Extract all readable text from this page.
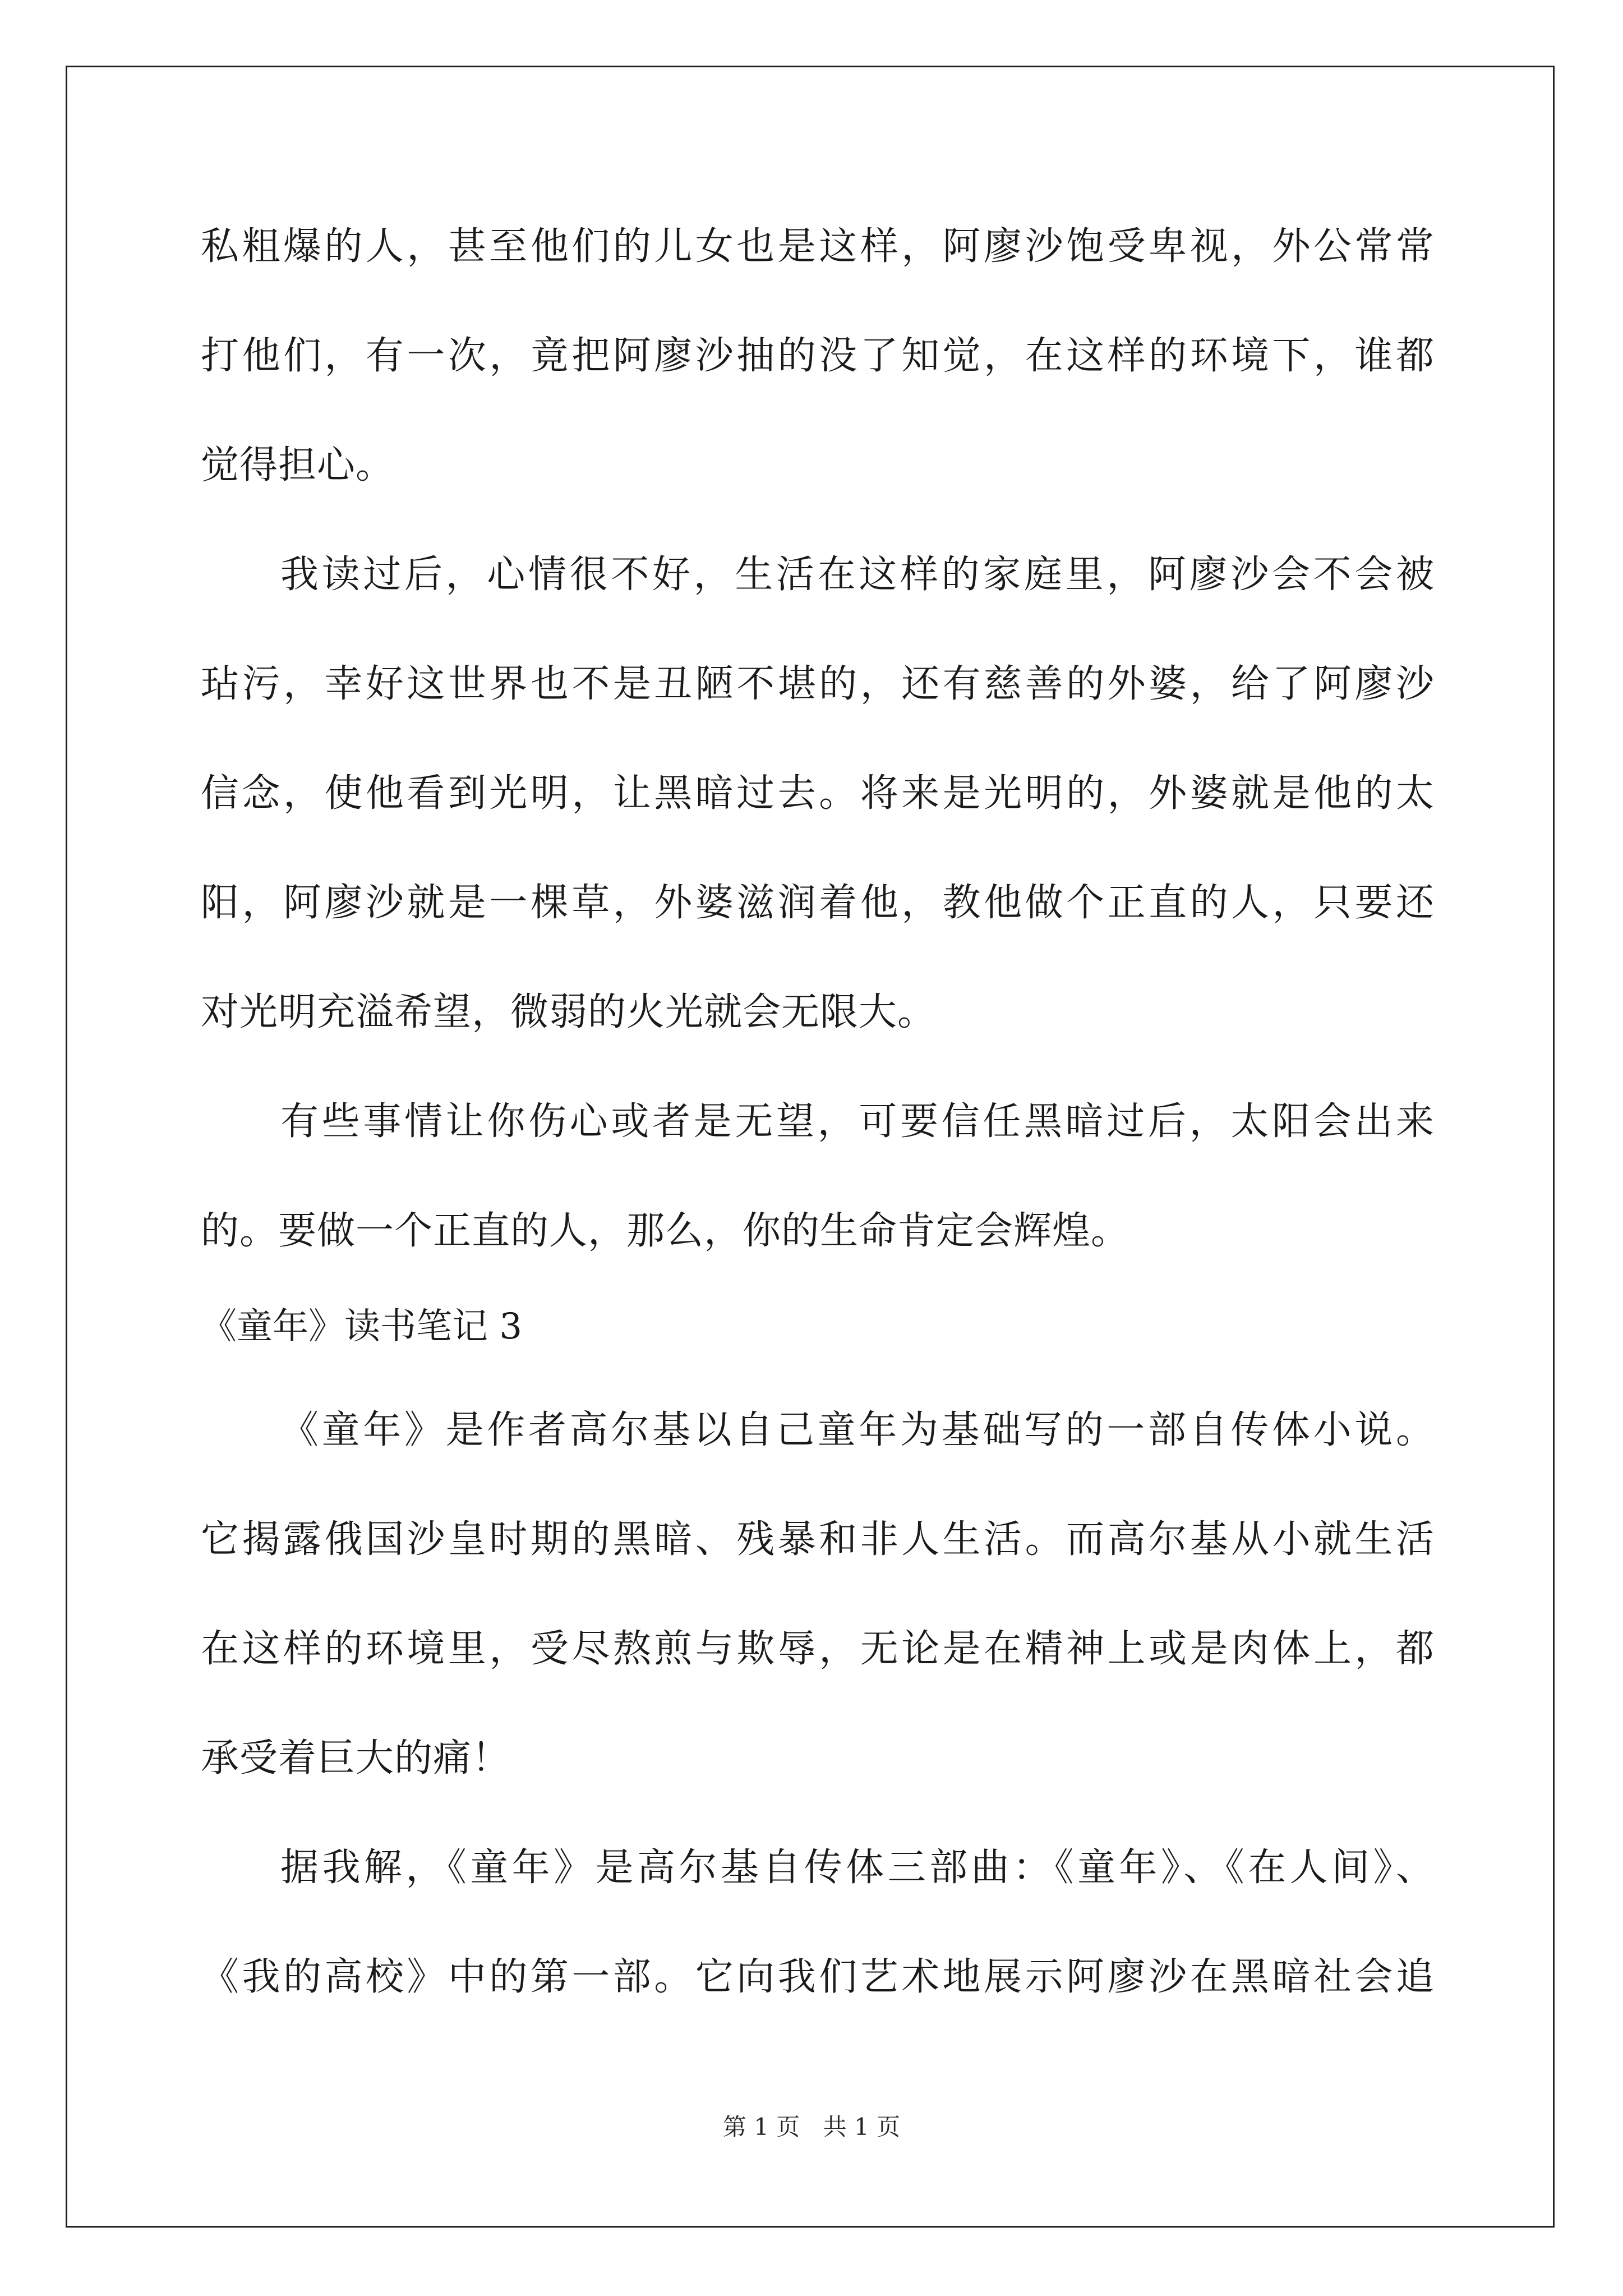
私粗爆的人，甚至他们的儿女也是这样，阿廖沙饱受卑视，外公常常
打他们，有一次，竟把阿廖沙抽的没了知觉，在这样的环境下，谁都
觉得担心。
我读过后，心情很不好，生活在这样的家庭里，阿廖沙会不会被
玷污，幸好这世界也不是丑陋不堪的，还有慈善的外婆，给了阿廖沙
信念，使他看到光明，让黑暗过去。将来是光明的，外婆就是他的太
阳，阿廖沙就是一棵草，外婆滋润着他，教他做个正直的人，只要还
对光明充溢希望，微弱的火光就会无限大。
有些事情让你伤心或者是无望，可要信任黑暗过后，太阳会出来
的。要做一个正直的人，那么，你的生命肯定会辉煌。
《童年》读书笔记 3
《童年》是作者高尔基以自己童年为基础写的一部自传体小说。
它揭露俄国沙皇时期的黑暗、残暴和非人生活。而高尔基从小就生活
在这样的环境里，受尽熬煎与欺辱，无论是在精神上或是肉体上，都
承受着巨大的痛！
据我解，《童年》是高尔基自传体三部曲：《童年》、《在人间》、
《我的高校》中的第一部。它向我们艺术地展示阿廖沙在黑暗社会追
第 1 页 共 1 页
